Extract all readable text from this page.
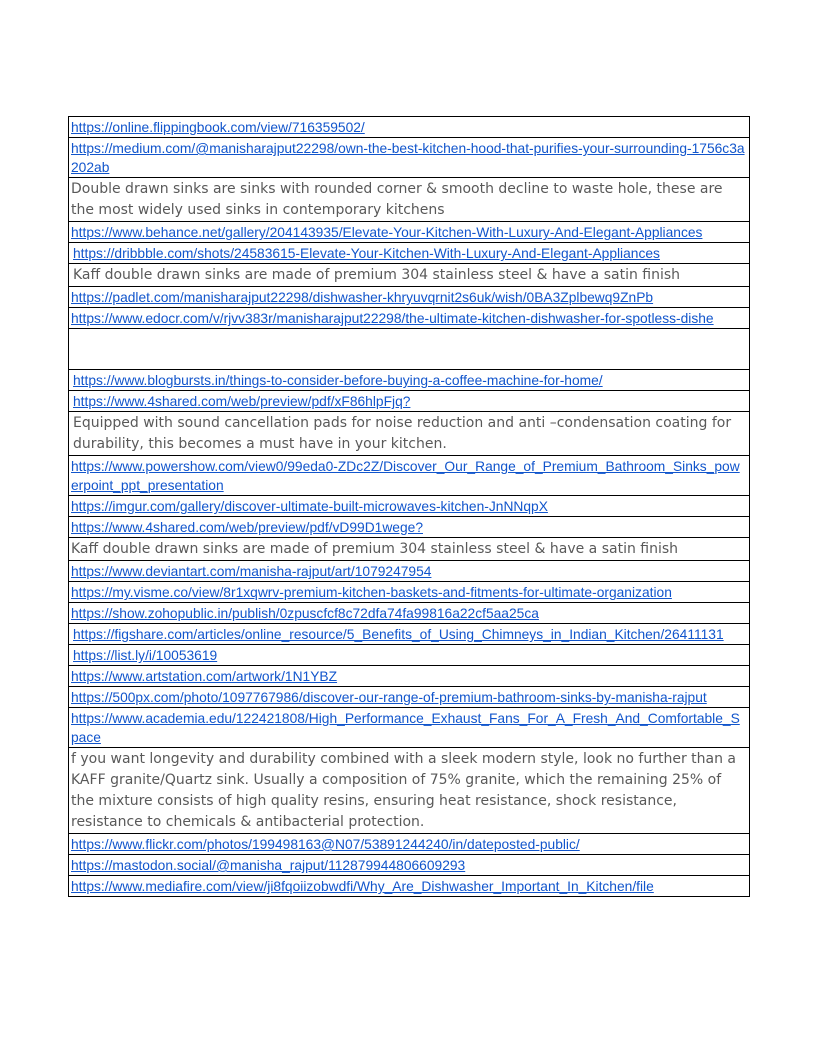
https://online.flippingbook.com/view/716359502/
https://medium.com/@manisharajput22298/own-the-best-kitchen-hood-that-purifies-your-surrounding-1756c3a202ab
Double drawn sinks are sinks with rounded corner & smooth decline to waste hole, these are the most widely used sinks in contemporary kitchens
https://www.behance.net/gallery/204143935/Elevate-Your-Kitchen-With-Luxury-And-Elegant-Appliances
https://dribbble.com/shots/24583615-Elevate-Your-Kitchen-With-Luxury-And-Elegant-Appliances
Kaff double drawn sinks are made of premium 304 stainless steel & have a satin finish
https://padlet.com/manisharajput22298/dishwasher-khryuvqrnit2s6uk/wish/0BA3Zplbewq9ZnPb
https://www.edocr.com/v/rjvv383r/manisharajput22298/the-ultimate-kitchen-dishwasher-for-spotless-dishe
https://www.blogbursts.in/things-to-consider-before-buying-a-coffee-machine-for-home/
https://www.4shared.com/web/preview/pdf/xF86hlpFjq?
Equipped with sound cancellation pads for noise reduction and anti –condensation coating for durability, this becomes a must have in your kitchen.
https://www.powershow.com/view0/99eda0-ZDc2Z/Discover_Our_Range_of_Premium_Bathroom_Sinks_powerpoint_ppt_presentation
https://imgur.com/gallery/discover-ultimate-built-microwaves-kitchen-JnNNqpX
https://www.4shared.com/web/preview/pdf/vD99D1wege?
Kaff double drawn sinks are made of premium 304 stainless steel & have a satin finish
https://www.deviantart.com/manisha-rajput/art/1079247954
https://my.visme.co/view/8r1xqwrv-premium-kitchen-baskets-and-fitments-for-ultimate-organization
https://show.zohopublic.in/publish/0zpuscfcf8c72dfa74fa99816a22cf5aa25ca
https://figshare.com/articles/online_resource/5_Benefits_of_Using_Chimneys_in_Indian_Kitchen/26411131
https://list.ly/i/10053619
https://www.artstation.com/artwork/1N1YBZ
https://500px.com/photo/1097767986/discover-our-range-of-premium-bathroom-sinks-by-manisha-rajput
https://www.academia.edu/122421808/High_Performance_Exhaust_Fans_For_A_Fresh_And_Comfortable_Space
f you want longevity and durability combined with a sleek modern style, look no further than a KAFF granite/Quartz sink. Usually a composition of 75% granite, which the remaining 25% of the mixture consists of high quality resins, ensuring heat resistance, shock resistance, resistance to chemicals & antibacterial protection.
https://www.flickr.com/photos/199498163@N07/53891244240/in/dateposted-public/
https://mastodon.social/@manisha_rajput/112879944806609293
https://www.mediafire.com/view/ji8fqoiizobwdfi/Why_Are_Dishwasher_Important_In_Kitchen/file
